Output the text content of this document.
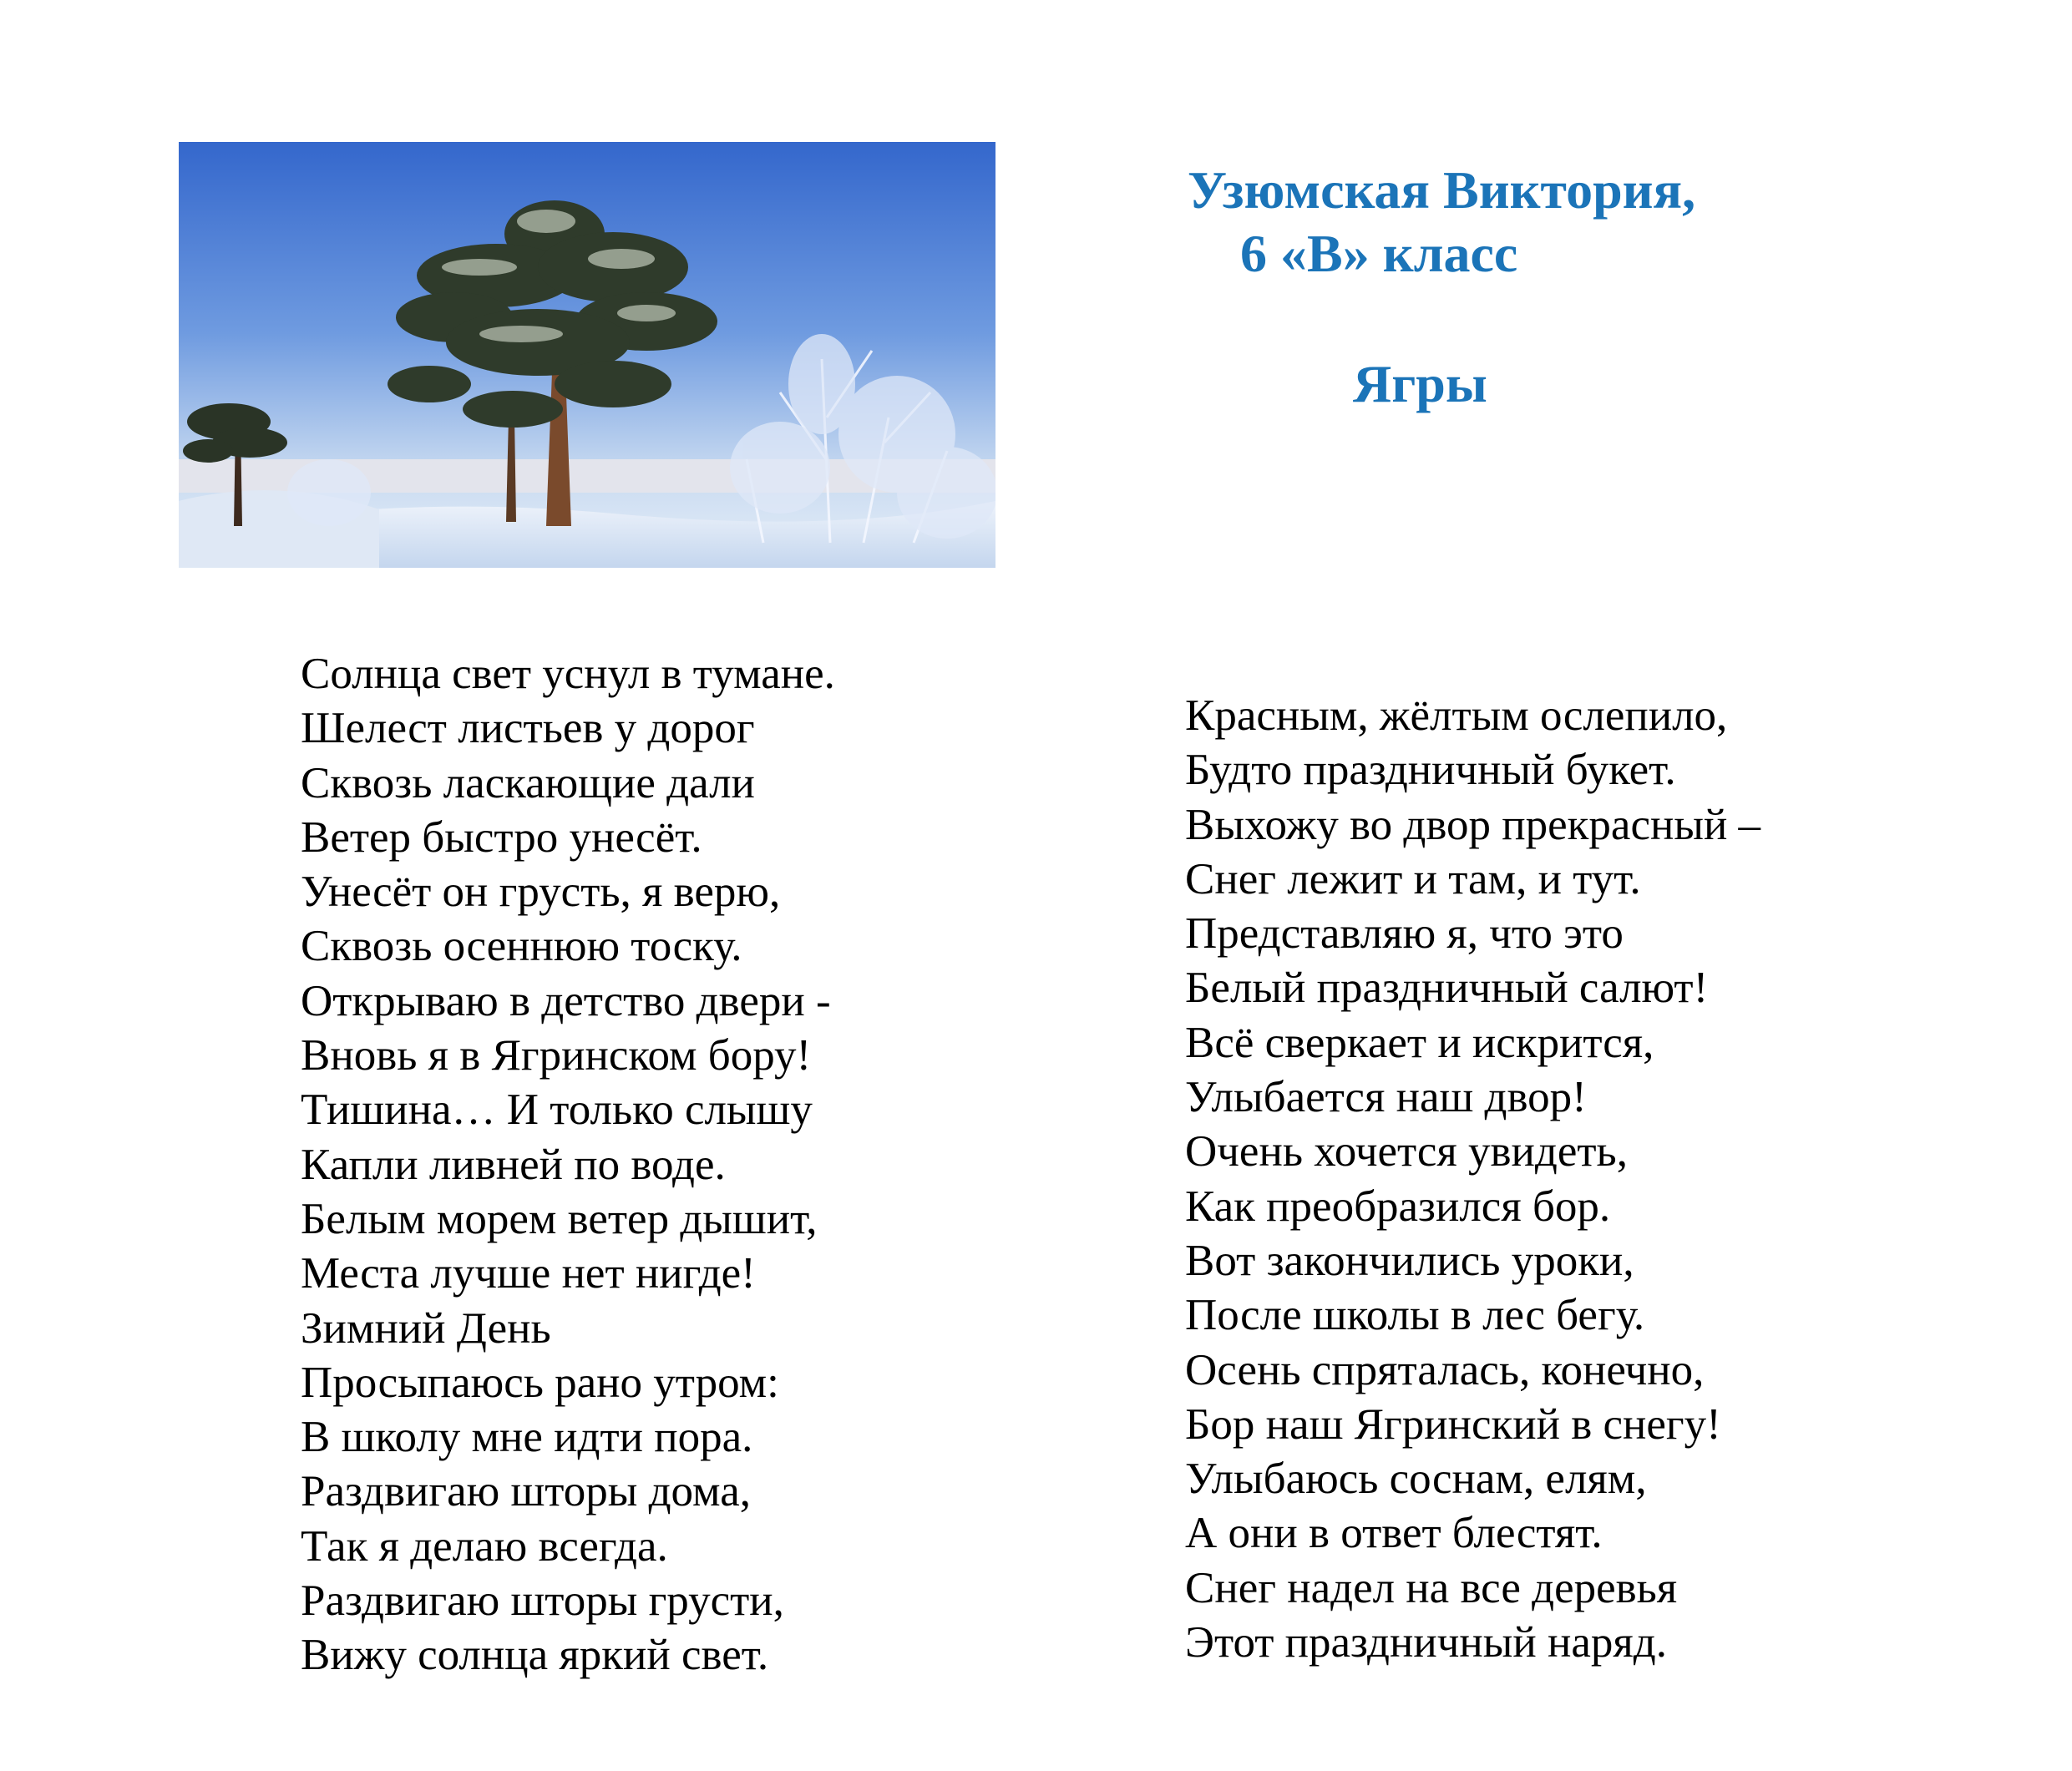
Узюмская Виктория,
6 «В» класс
Ягры
Солнца свет уснул в тумане.
Шелест листьев у дорог
Сквозь ласкающие дали
Ветер быстро унесёт.
Унесёт он грусть, я верю,
Сквозь осеннюю тоску.
Открываю в детство двери -
Вновь я в Ягринском бору!
Тишина… И только слышу
Капли ливней по воде.
Белым морем ветер дышит,
Места лучше нет нигде!
Зимний День
Просыпаюсь рано утром:
В школу мне идти пора.
Раздвигаю шторы дома,
Так я делаю всегда.
Раздвигаю шторы грусти,
Вижу солнца яркий свет.
Красным, жёлтым ослепило,
Будто праздничный букет.
Выхожу во двор прекрасный –
Снег лежит и там, и тут.
Представляю я, что это
Белый праздничный салют!
Всё сверкает и искрится,
Улыбается наш двор!
Очень хочется увидеть,
Как преобразился бор.
Вот закончились уроки,
После школы в лес бегу.
Осень спряталась, конечно,
Бор наш Ягринский в снегу!
Улыбаюсь соснам, елям,
А они в ответ блестят.
Снег надел на все деревья
Этот праздничный наряд.
